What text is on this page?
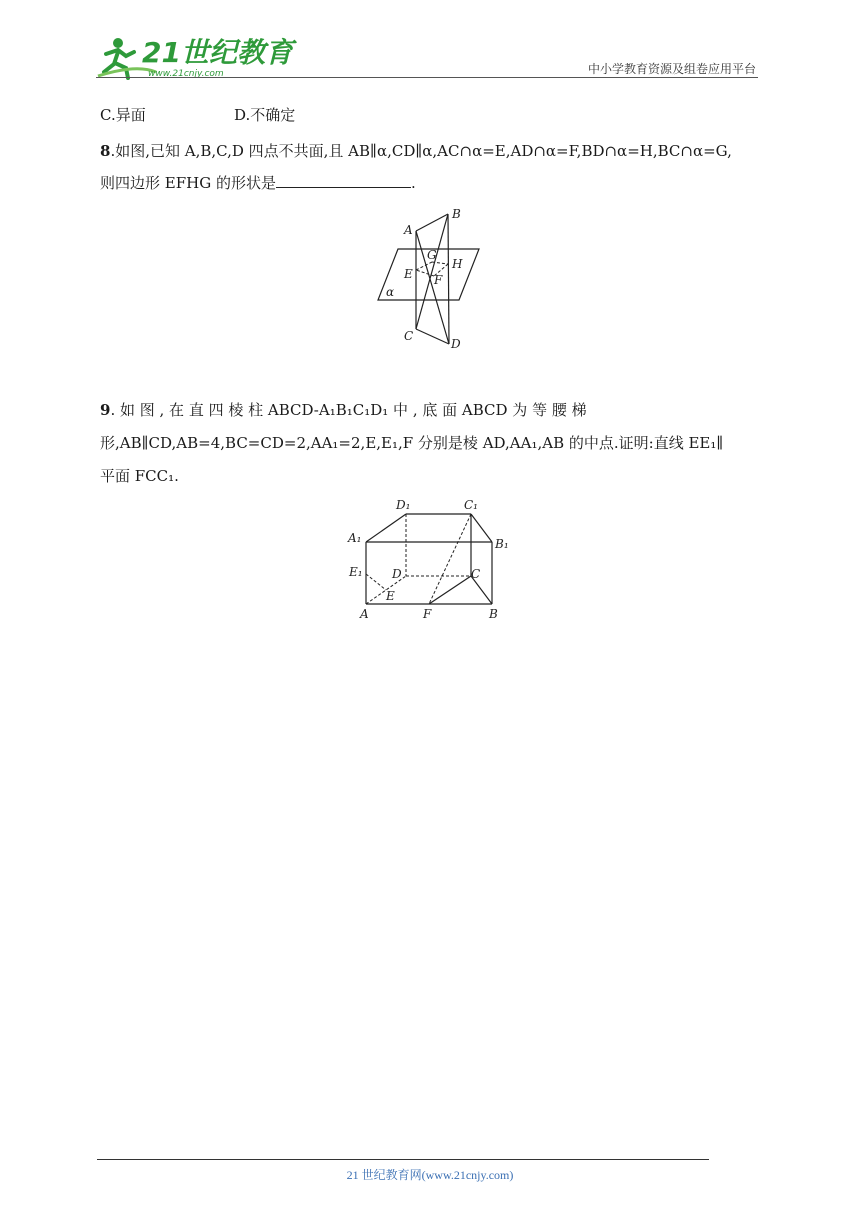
21世纪教育
www.21cnjy.com	中小学教育资源及组卷应用平台
C.异面	D.不确定
8.如图,已知 A,B,C,D 四点不共面,且 AB∥α,CD∥α,AC∩α=E,AD∩α=F,BD∩α=H,BC∩α=G,
则四边形 EFHG 的形状是	.
A
B
C
D
E F
G
H
α
9. 如 图 , 在 直 四 棱 柱 ABCD-A₁B₁C₁D₁ 中 , 底 面 ABCD 为 等 腰 梯
形,AB∥CD,AB=4,BC=CD=2,AA₁=2,E,E₁,F 分别是棱 AD,AA₁,AB 的中点.证明:直线 EE₁∥
平面 FCC₁.
D₁	C₁
A₁	B₁
E₁ D	C
E
A	F	B
21 世纪教育网(www.21cnjy.com)
